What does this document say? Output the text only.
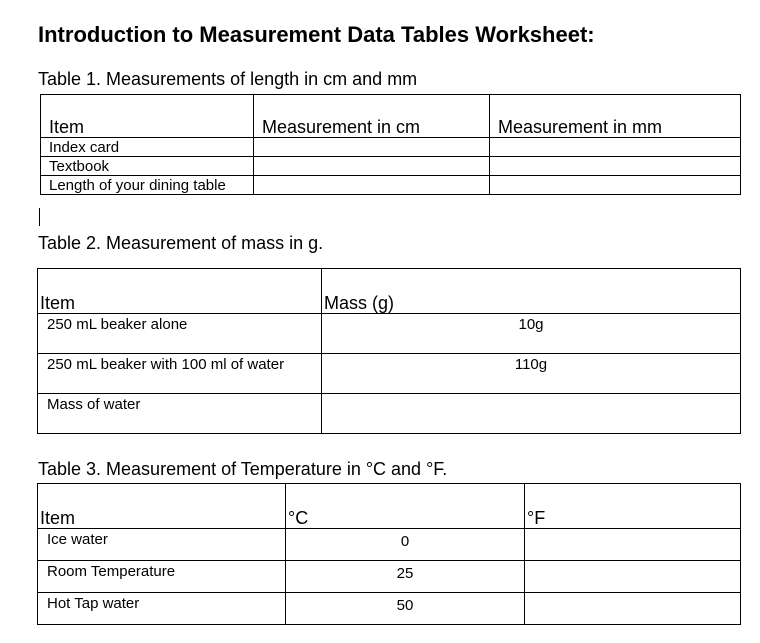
Introduction to Measurement Data Tables Worksheet:
Table 1. Measurements of length in cm and mm
Item	Measurement in cm	Measurement in mm
Index card		
Textbook		
Length of your dining table		
Table 2. Measurement of mass in g.
Item	Mass (g)
250 mL beaker alone	10g
250 mL beaker with 100 ml of water	110g
Mass of water	
Table 3. Measurement of Temperature in °C and °F.
Item	°C	°F
Ice water	0	
Room Temperature	25	
Hot Tap water	50	
